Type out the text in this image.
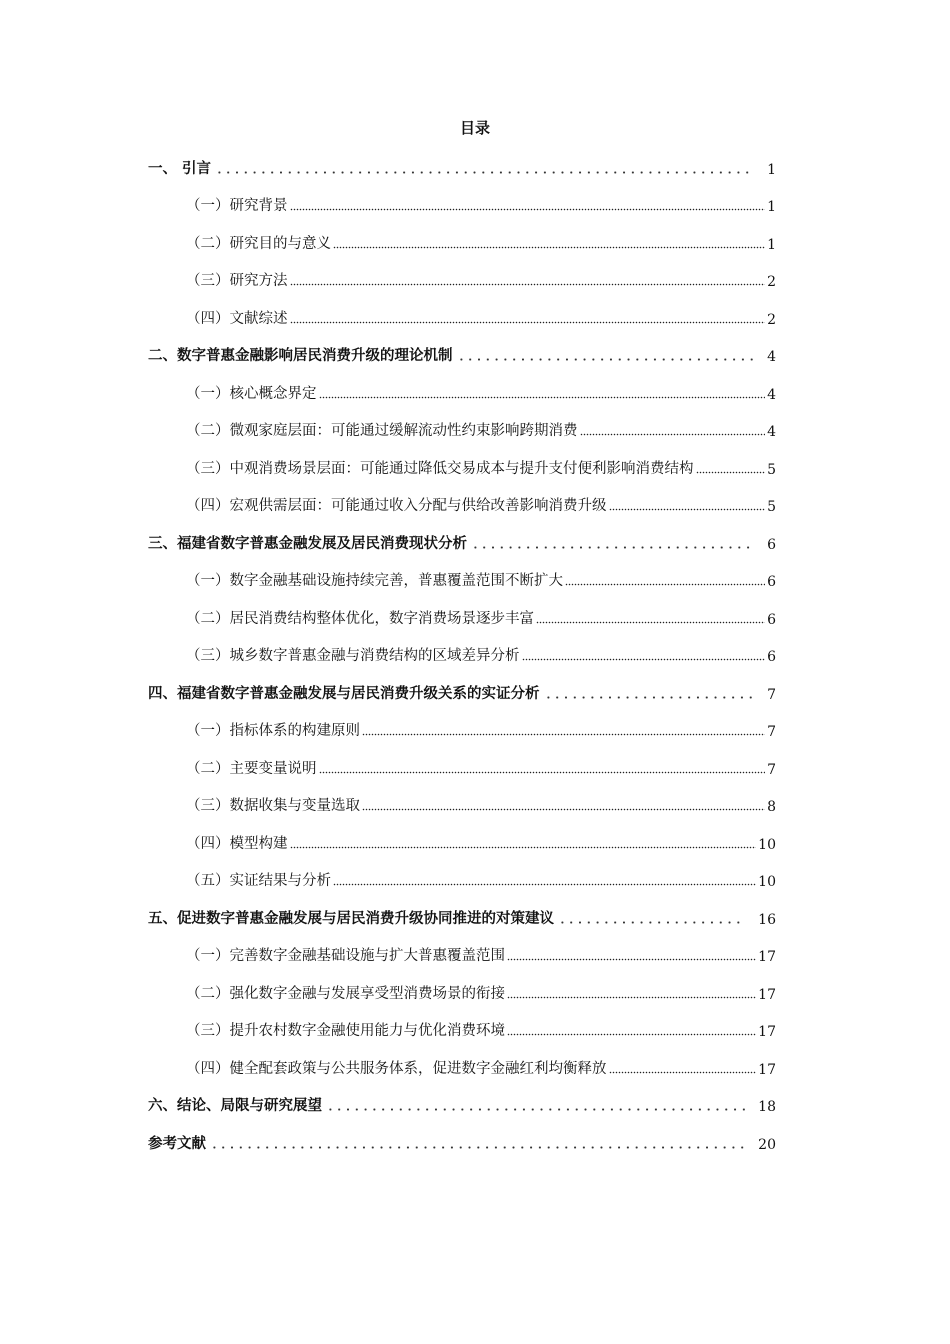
目录
一、 引言	1
（一）研究背景	1
（二）研究目的与意义	1
（三）研究方法	2
（四）文献综述	2
二、数字普惠金融影响居民消费升级的理论机制	4
（一）核心概念界定	4
（二）微观家庭层面：可能通过缓解流动性约束影响跨期消费	4
（三）中观消费场景层面：可能通过降低交易成本与提升支付便利影响消费结构	5
（四）宏观供需层面：可能通过收入分配与供给改善影响消费升级	5
三、福建省数字普惠金融发展及居民消费现状分析	6
（一）数字金融基础设施持续完善，普惠覆盖范围不断扩大	6
（二）居民消费结构整体优化，数字消费场景逐步丰富	6
（三）城乡数字普惠金融与消费结构的区域差异分析	6
四、福建省数字普惠金融发展与居民消费升级关系的实证分析	7
（一）指标体系的构建原则	7
（二）主要变量说明	7
（三）数据收集与变量选取	8
（四）模型构建	10
（五）实证结果与分析	10
五、促进数字普惠金融发展与居民消费升级协同推进的对策建议	16
（一）完善数字金融基础设施与扩大普惠覆盖范围	17
（二）强化数字金融与发展享受型消费场景的衔接	17
（三）提升农村数字金融使用能力与优化消费环境	17
（四）健全配套政策与公共服务体系，促进数字金融红利均衡释放	17
六、结论、局限与研究展望	18
参考文献	20
